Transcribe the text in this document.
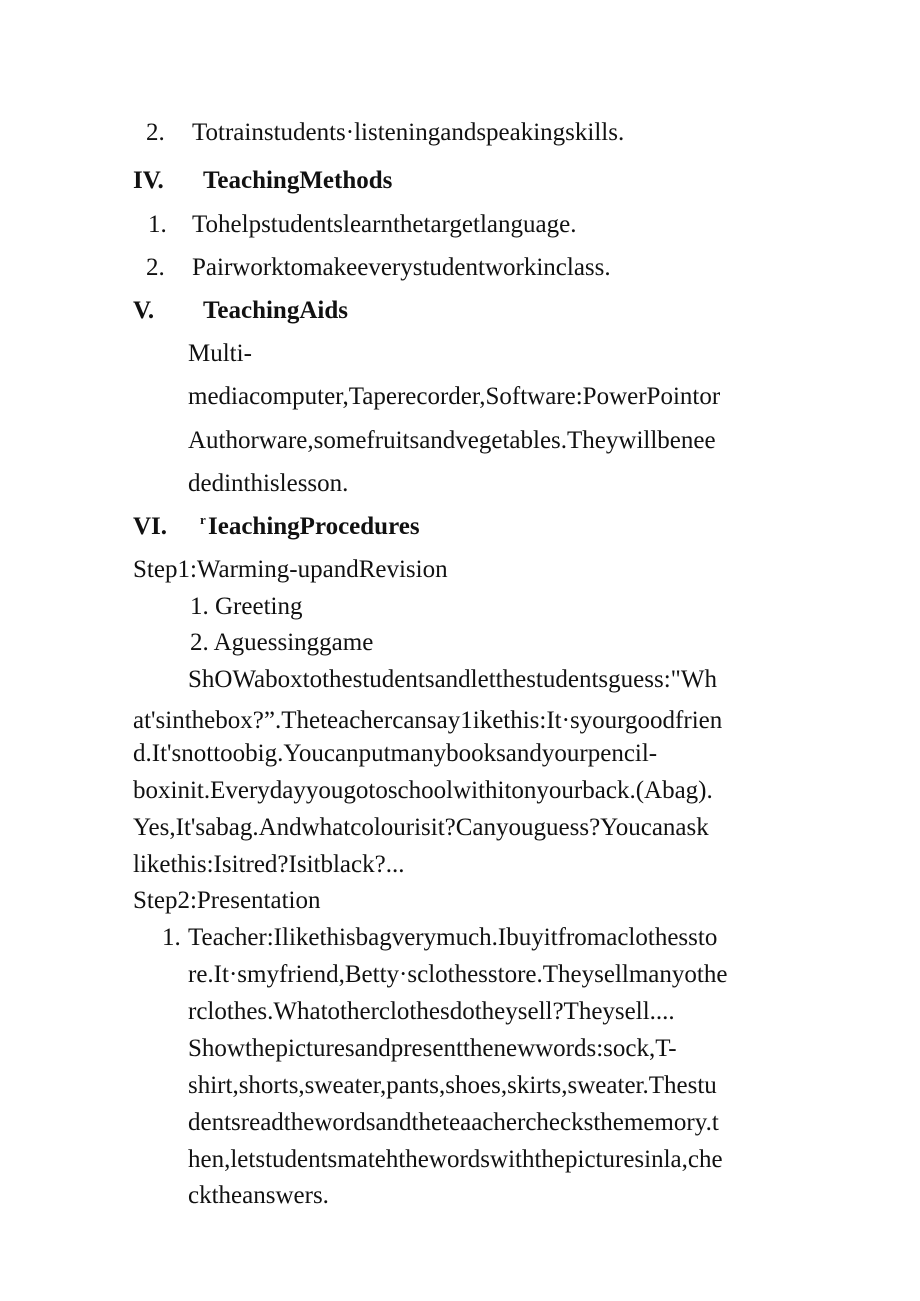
2. Totrainstudents·listeningandspeakingskills.
IV. TeachingMethods
1. Tohelpstudentslearnthetargetlanguage.
2. Pairworktomakeeverystudentworkinclass.
V. TeachingAids
Multi-
mediacomputer,Taperecorder,Software:PowerPointor
Authorware,somefruitsandvegetables.Theywillbenee
dedinthislesson.
VI.	r IeachingProcedures
Step1:Warming-upandRevision
1. Greeting
2. Aguessinggame
ShOWaboxtothestudentsandletthestudentsguess:"Wh
at'sinthebox?”.Theteachercansay1ikethis:It·syourgoodfrien
d.It'snottoobig.Youcanputmanybooksandyourpencil-
boxinit.Everydayyougotoschoolwithitonyourback.(Abag).
Yes,It'sabag.Andwhatcolourisit?Canyouguess?Youcanask
likethis:Isitred?Isitblack?...
Step2:Presentation
1. Teacher:Ilikethisbagverymuch.Ibuyitfromaclothessto
re.It·smyfriend,Betty·sclothesstore.Theysellmanyothe
rclothes.Whatotherclothesdotheysell?Theysell....
Showthepicturesandpresentthenewwords:sock,T-
shirt,shorts,sweater,pants,shoes,skirts,sweater.Thestu
dentsreadthewordsandtheteaacherchecksthememory.t
hen,letstudentsmatehthewordswiththepicturesinla,che
cktheanswers.
